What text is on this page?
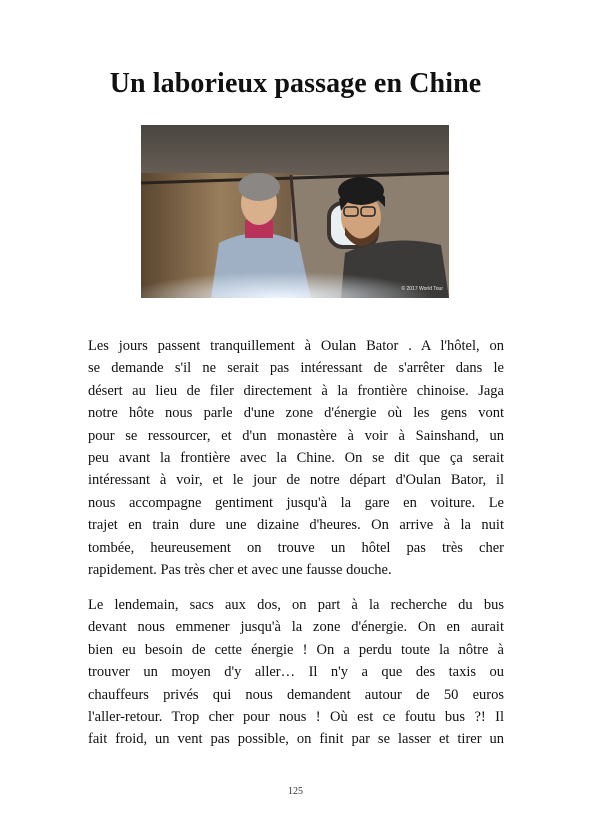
Un laborieux passage en Chine
© 2017 World Tour
Les jours passent tranquillement à Oulan Bator . A l'hôtel, on
se demande s'il ne serait pas intéressant de s'arrêter dans le
désert au lieu de filer directement à la frontière chinoise. Jaga
notre hôte nous parle d'une zone d'énergie où les gens vont
pour se ressourcer, et d'un monastère à voir à Sainshand, un
peu avant la frontière avec la Chine. On se dit que ça serait
intéressant à voir, et le jour de notre départ d'Oulan Bator, il
nous accompagne gentiment jusqu'à la gare en voiture. Le
trajet en train dure une dizaine d'heures. On arrive à la nuit
tombée, heureusement on trouve un hôtel pas très cher
rapidement. Pas très cher et avec une fausse douche.
Le lendemain, sacs aux dos, on part à la recherche du bus
devant nous emmener jusqu'à la zone d'énergie. On en aurait
bien eu besoin de cette énergie ! On a perdu toute la nôtre à
trouver un moyen d'y aller… Il n'y a que des taxis ou
chauffeurs privés qui nous demandent autour de 50 euros
l'aller-retour. Trop cher pour nous ! Où est ce foutu bus ?! Il
fait froid, un vent pas possible, on finit par se lasser et tirer un
125
